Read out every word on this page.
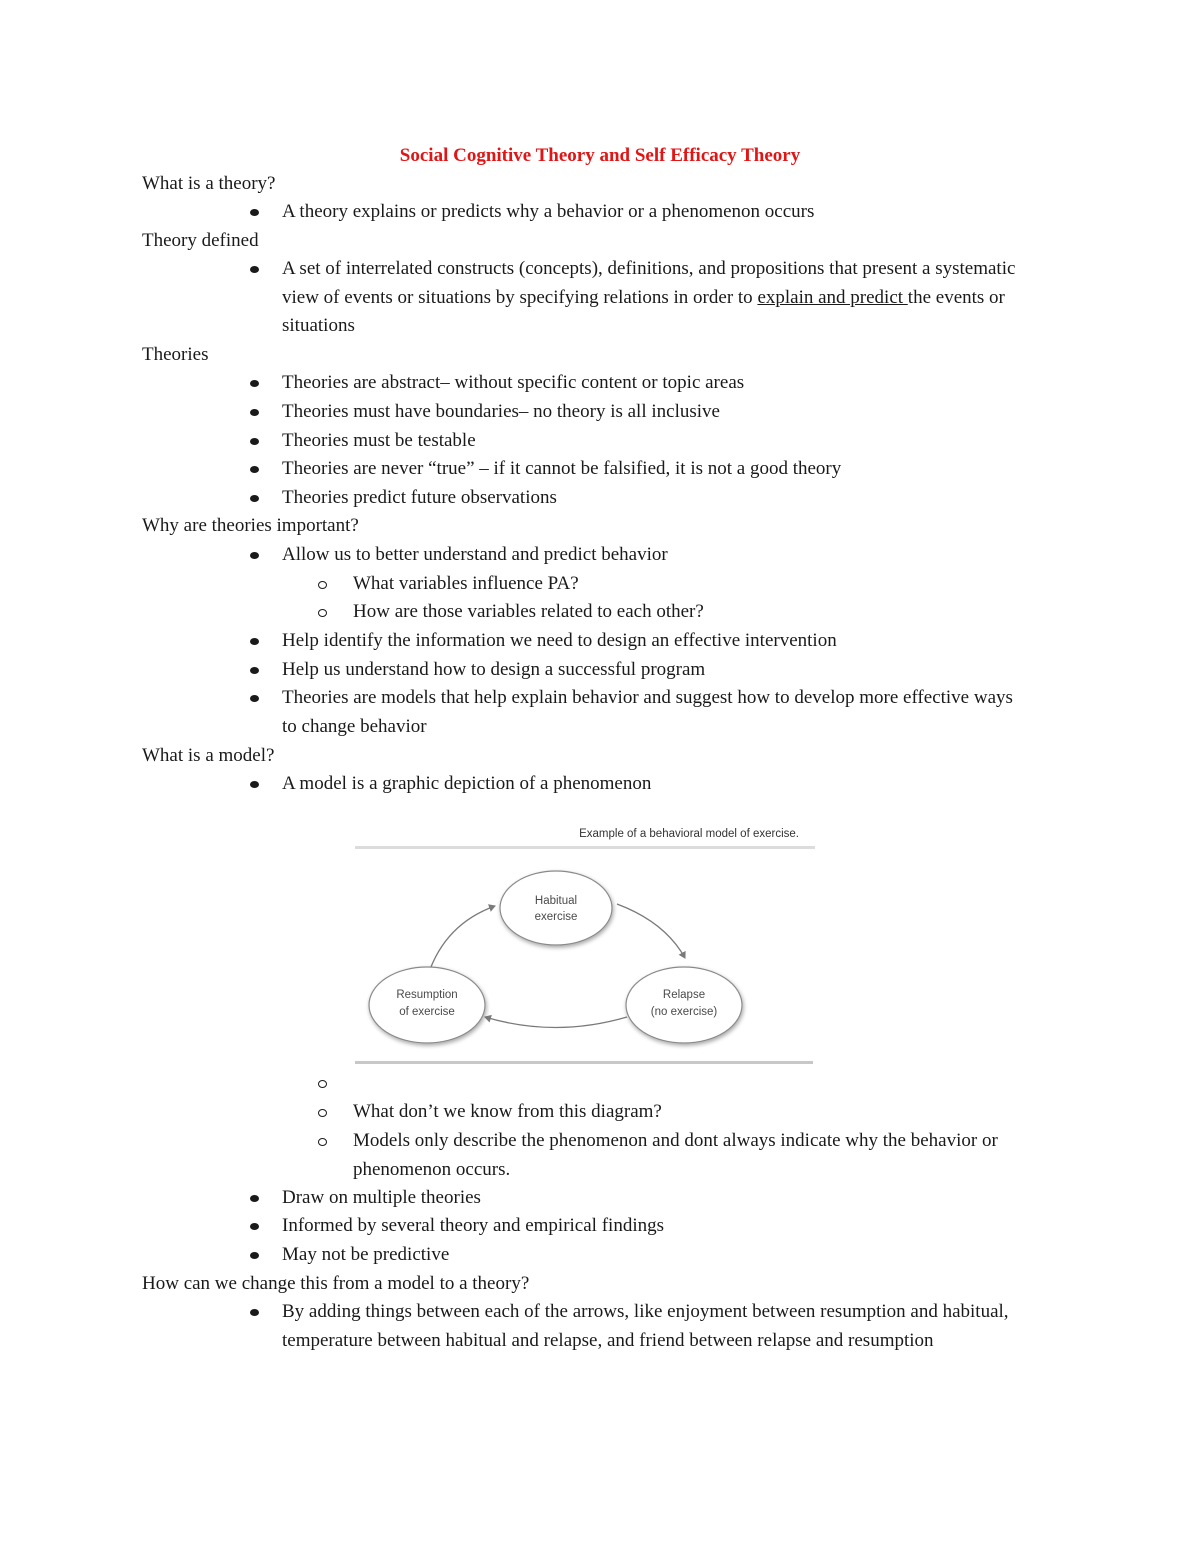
Social Cognitive Theory and Self Efficacy Theory
What is a theory?
A theory explains or predicts why a behavior or a phenomenon occurs
Theory defined
A set of interrelated constructs (concepts), definitions, and propositions that present a systematic view of events or situations by specifying relations in order to explain and predict the events or situations
Theories
Theories are abstract– without specific content or topic areas
Theories must have boundaries– no theory is all inclusive
Theories must be testable
Theories are never “true” – if it cannot be falsified, it is not a good theory
Theories predict future observations
Why are theories important?
Allow us to better understand and predict behavior
What variables influence PA?
How are those variables related to each other?
Help identify the information we need to design an effective intervention
Help us understand how to design a successful program
Theories are models that help explain behavior and suggest how to develop more effective ways to change behavior
What is a model?
A model is a graphic depiction of a phenomenon
Example of a behavioral model of exercise.
Habitual
exercise
Relapse
(no exercise)
Resumption
of exercise
What don’t we know from this diagram?
Models only describe the phenomenon and dont always indicate why the behavior or phenomenon occurs.
Draw on multiple theories
Informed by several theory and empirical findings
May not be predictive
How can we change this from a model to a theory?
By adding things between each of the arrows, like enjoyment between resumption and habitual, temperature between habitual and relapse, and friend between relapse and resumption
